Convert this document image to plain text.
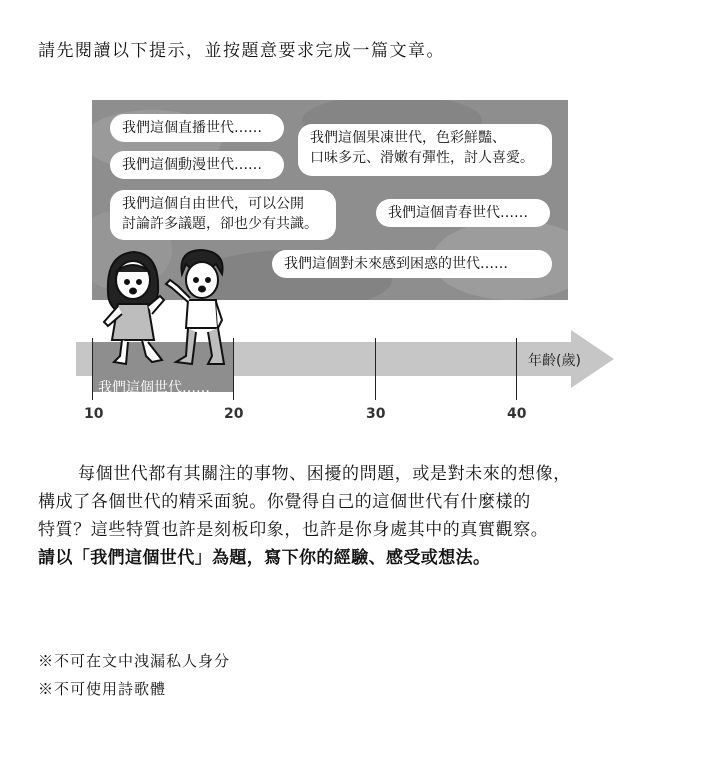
請先閱讀以下提示，並按題意要求完成一篇文章。
我們這個直播世代……
我們這個動漫世代……
我們這個果凍世代，色彩鮮豔、
口味多元、滑嫩有彈性，討人喜愛。
我們這個自由世代，可以公開
討論許多議題，卻也少有共識。
我們這個青春世代……
我們這個對未來感到困惑的世代……
我們這個世代……
年齡(歲)
10	20	30	40

每個世代都有其關注的事物、困擾的問題，或是對未來的想像，

構成了各個世代的精采面貌。你覺得自己的這個世代有什麼樣的

特質？這些特質也許是刻板印象，也許是你身處其中的真實觀察。

請以「我們這個世代」為題，寫下你的經驗、感受或想法。

※不可在文中洩漏私人身分
※不可使用詩歌體
